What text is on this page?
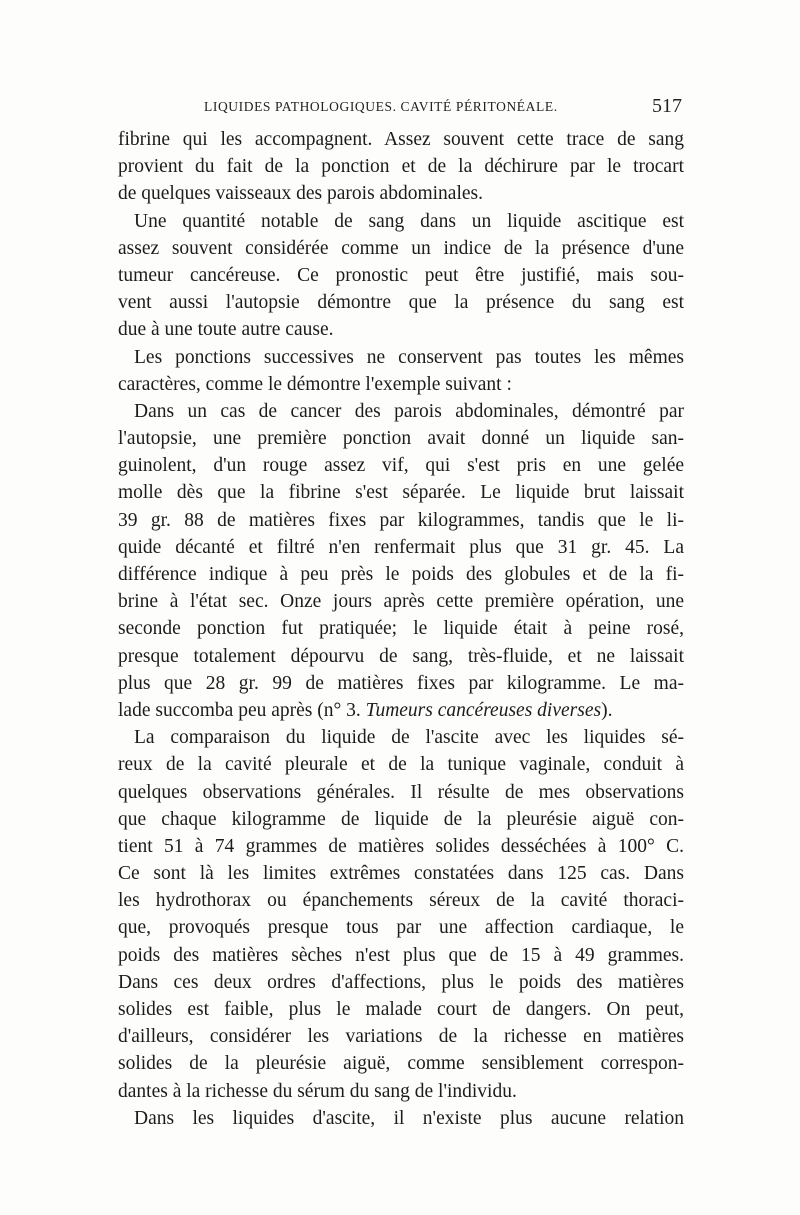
LIQUIDES PATHOLOGIQUES. CAVITÉ PÉRITONÉALE.	517
fibrine qui les accompagnent. Assez souvent cette trace de sang
provient du fait de la ponction et de la déchirure par le trocart
de quelques vaisseaux des parois abdominales.
Une quantité notable de sang dans un liquide ascitique est
assez souvent considérée comme un indice de la présence d'une
tumeur cancéreuse. Ce pronostic peut être justifié, mais sou-
vent aussi l'autopsie démontre que la présence du sang est
due à une toute autre cause.
Les ponctions successives ne conservent pas toutes les mêmes
caractères, comme le démontre l'exemple suivant :
Dans un cas de cancer des parois abdominales, démontré par
l'autopsie, une première ponction avait donné un liquide san-
guinolent, d'un rouge assez vif, qui s'est pris en une gelée
molle dès que la fibrine s'est séparée. Le liquide brut laissait
39 gr. 88 de matières fixes par kilogrammes, tandis que le li-
quide décanté et filtré n'en renfermait plus que 31 gr. 45. La
différence indique à peu près le poids des globules et de la fi-
brine à l'état sec. Onze jours après cette première opération, une
seconde ponction fut pratiquée; le liquide était à peine rosé,
presque totalement dépourvu de sang, très-fluide, et ne laissait
plus que 28 gr. 99 de matières fixes par kilogramme. Le ma-
lade succomba peu après (n° 3. Tumeurs cancéreuses diverses).
La comparaison du liquide de l'ascite avec les liquides sé-
reux de la cavité pleurale et de la tunique vaginale, conduit à
quelques observations générales. Il résulte de mes observations
que chaque kilogramme de liquide de la pleurésie aiguë con-
tient 51 à 74 grammes de matières solides desséchées à 100° C.
Ce sont là les limites extrêmes constatées dans 125 cas. Dans
les hydrothorax ou épanchements séreux de la cavité thoraci-
que, provoqués presque tous par une affection cardiaque, le
poids des matières sèches n'est plus que de 15 à 49 grammes.
Dans ces deux ordres d'affections, plus le poids des matières
solides est faible, plus le malade court de dangers. On peut,
d'ailleurs, considérer les variations de la richesse en matières
solides de la pleurésie aiguë, comme sensiblement correspon-
dantes à la richesse du sérum du sang de l'individu.
Dans les liquides d'ascite, il n'existe plus aucune relation
